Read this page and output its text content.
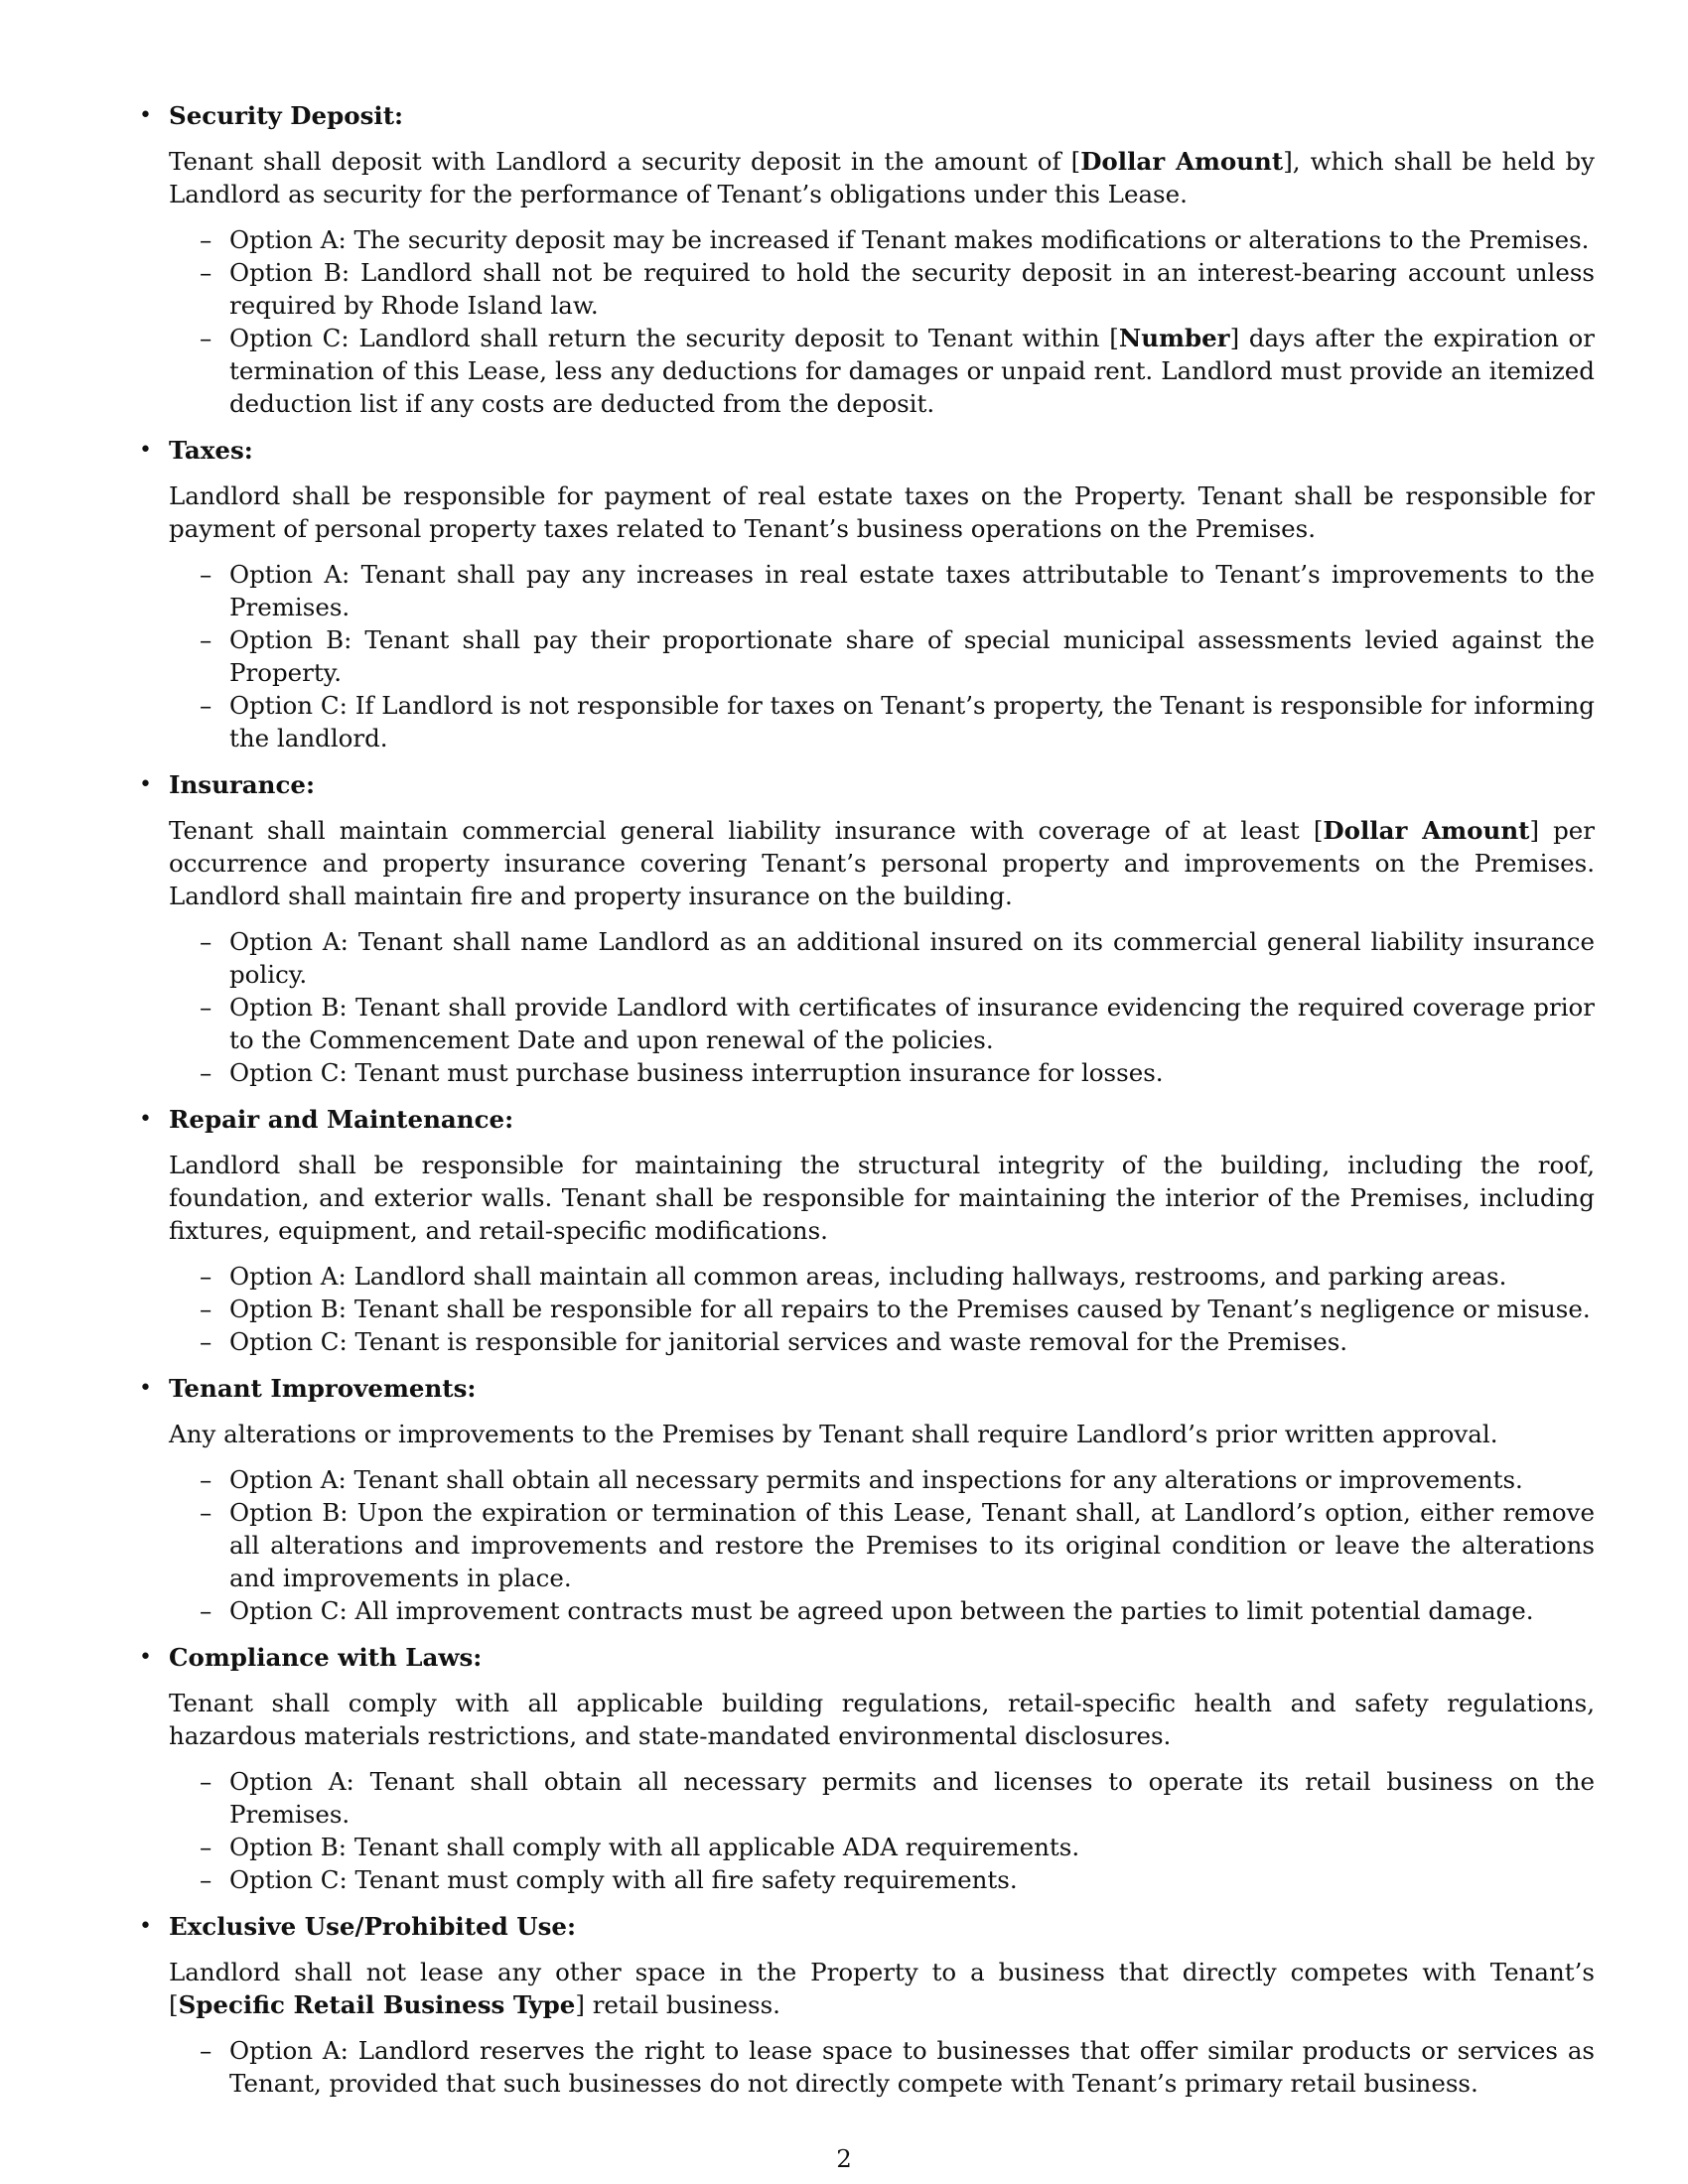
• Security Deposit:

Tenant shall deposit with Landlord a security deposit in the amount of [Dollar Amount], which shall be held by Landlord as security for the performance of Tenant’s obligations under this Lease.

– Option A: The security deposit may be increased if Tenant makes modifications or alterations to the Premises.
– Option B: Landlord shall not be required to hold the security deposit in an interest-bearing account unless required by Rhode Island law.
– Option C: Landlord shall return the security deposit to Tenant within [Number] days after the expiration or termination of this Lease, less any deductions for damages or unpaid rent. Landlord must provide an itemized deduction list if any costs are deducted from the deposit.
• Taxes:

Landlord shall be responsible for payment of real estate taxes on the Property. Tenant shall be responsible for payment of personal property taxes related to Tenant’s business operations on the Premises.

– Option A: Tenant shall pay any increases in real estate taxes attributable to Tenant’s improvements to the Premises.
– Option B: Tenant shall pay their proportionate share of special municipal assessments levied against the Property.
– Option C: If Landlord is not responsible for taxes on Tenant’s property, the Tenant is responsible for informing the landlord.
• Insurance:

Tenant shall maintain commercial general liability insurance with coverage of at least [Dollar Amount] per occurrence and property insurance covering Tenant’s personal property and improvements on the Premises. Landlord shall maintain fire and property insurance on the building.

– Option A: Tenant shall name Landlord as an additional insured on its commercial general liability insurance policy.
– Option B: Tenant shall provide Landlord with certificates of insurance evidencing the required coverage prior to the Commencement Date and upon renewal of the policies.
– Option C: Tenant must purchase business interruption insurance for losses.
• Repair and Maintenance:

Landlord shall be responsible for maintaining the structural integrity of the building, including the roof, foundation, and exterior walls. Tenant shall be responsible for maintaining the interior of the Premises, including fixtures, equipment, and retail-specific modifications.

– Option A: Landlord shall maintain all common areas, including hallways, restrooms, and parking areas.
– Option B: Tenant shall be responsible for all repairs to the Premises caused by Tenant’s negligence or misuse.
– Option C: Tenant is responsible for janitorial services and waste removal for the Premises.
• Tenant Improvements:

Any alterations or improvements to the Premises by Tenant shall require Landlord’s prior written approval.

– Option A: Tenant shall obtain all necessary permits and inspections for any alterations or improvements.
– Option B: Upon the expiration or termination of this Lease, Tenant shall, at Landlord’s option, either remove all alterations and improvements and restore the Premises to its original condition or leave the alterations and improvements in place.
– Option C: All improvement contracts must be agreed upon between the parties to limit potential damage.
• Compliance with Laws:

Tenant shall comply with all applicable building regulations, retail-specific health and safety regulations, hazardous materials restrictions, and state-mandated environmental disclosures.

– Option A: Tenant shall obtain all necessary permits and licenses to operate its retail business on the Premises.
– Option B: Tenant shall comply with all applicable ADA requirements.
– Option C: Tenant must comply with all fire safety requirements.
• Exclusive Use/Prohibited Use:

Landlord shall not lease any other space in the Property to a business that directly competes with Tenant’s [Specific Retail Business Type] retail business.

– Option A: Landlord reserves the right to lease space to businesses that offer similar products or services as Tenant, provided that such businesses do not directly compete with Tenant’s primary retail business.
2
